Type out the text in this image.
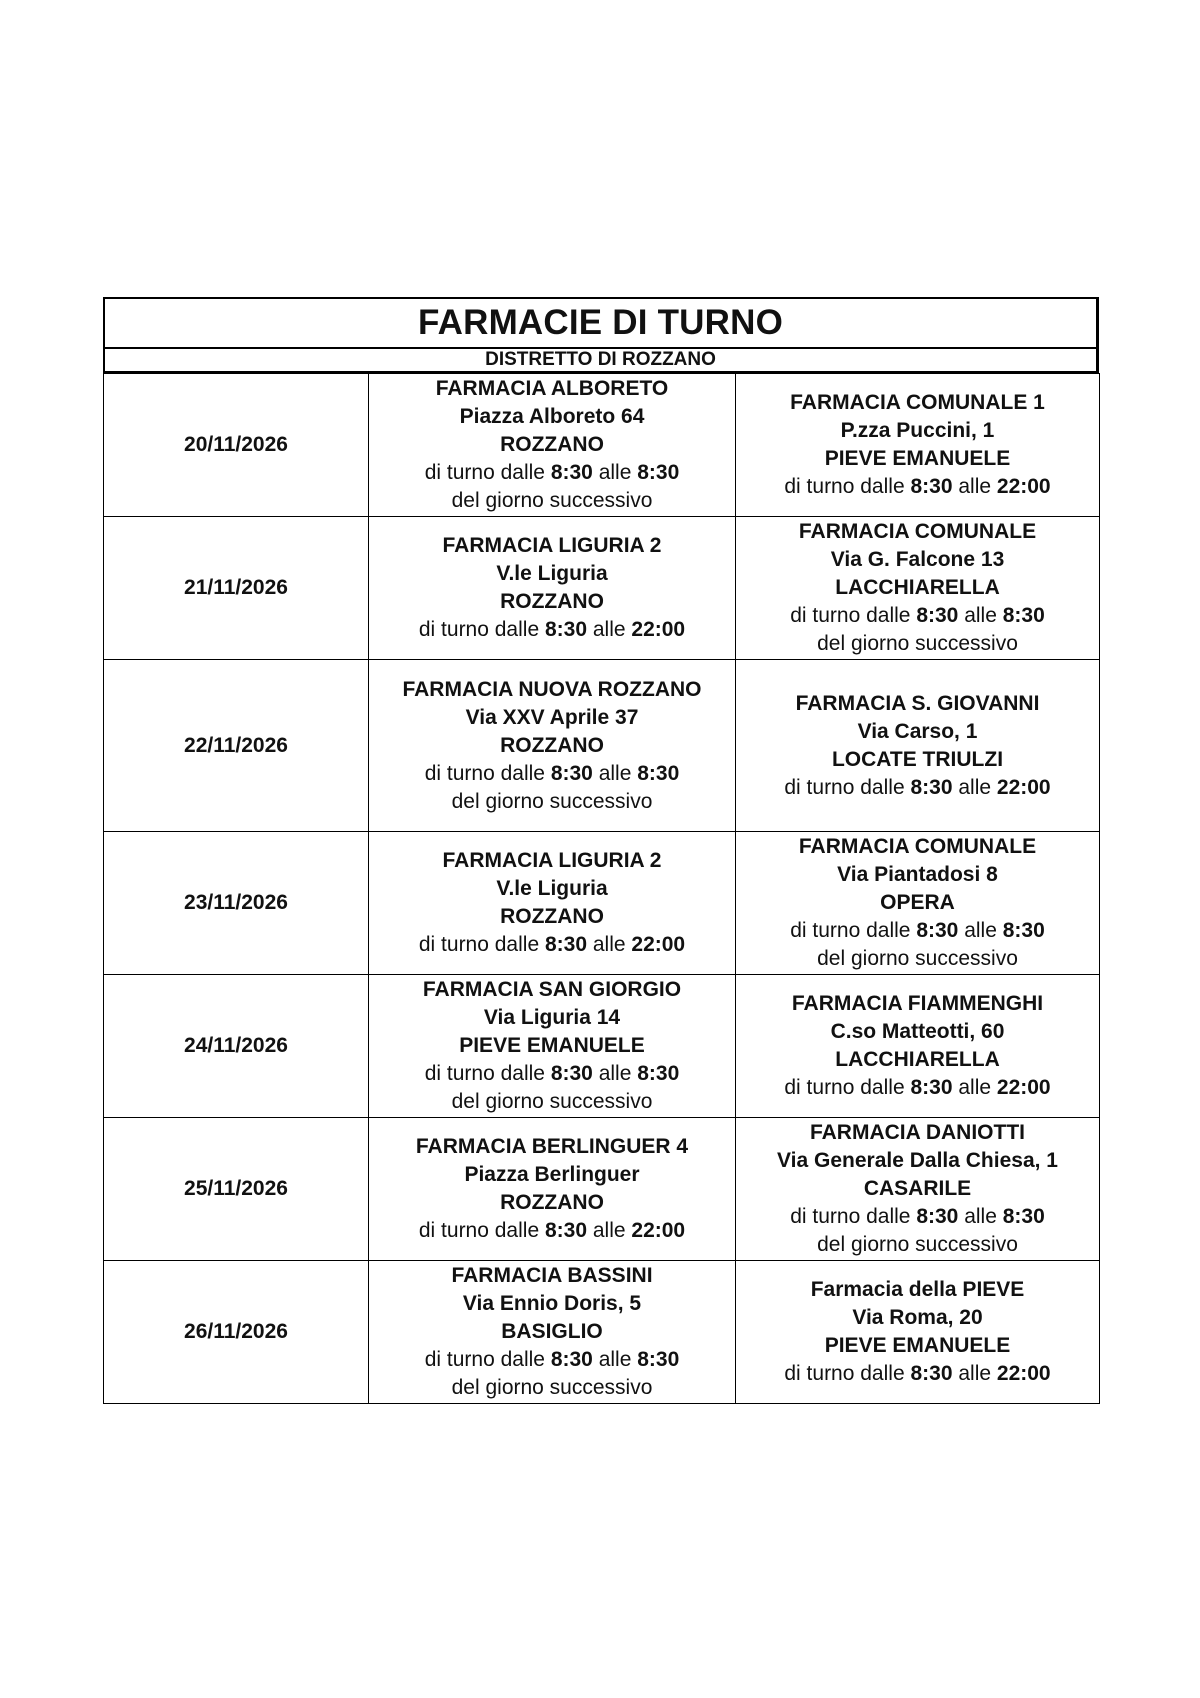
FARMACIE DI TURNO
DISTRETTO DI ROZZANO
20/11/2026	FARMACIA ALBORETO
Piazza Alboreto 64
ROZZANO
di turno dalle 8:30 alle 8:30
del giorno successivo	FARMACIA COMUNALE 1
P.zza Puccini, 1
PIEVE EMANUELE
di turno dalle 8:30 alle 22:00

21/11/2026	FARMACIA LIGURIA 2
V.le Liguria
ROZZANO
di turno dalle 8:30 alle 22:00	FARMACIA COMUNALE
Via G. Falcone 13
LACCHIARELLA
di turno dalle 8:30 alle 8:30
del giorno successivo

22/11/2026	FARMACIA NUOVA ROZZANO
Via XXV Aprile 37
ROZZANO
di turno dalle 8:30 alle 8:30
del giorno successivo	FARMACIA S. GIOVANNI
Via Carso, 1
LOCATE TRIULZI
di turno dalle 8:30 alle 22:00

23/11/2026	FARMACIA LIGURIA 2
V.le Liguria
ROZZANO
di turno dalle 8:30 alle 22:00	FARMACIA COMUNALE
Via Piantadosi 8
OPERA
di turno dalle 8:30 alle 8:30
del giorno successivo

24/11/2026	FARMACIA SAN GIORGIO
Via Liguria 14
PIEVE EMANUELE
di turno dalle 8:30 alle 8:30
del giorno successivo	FARMACIA FIAMMENGHI
C.so Matteotti, 60
LACCHIARELLA
di turno dalle 8:30 alle 22:00

25/11/2026	FARMACIA BERLINGUER 4
Piazza Berlinguer
ROZZANO
di turno dalle 8:30 alle 22:00	FARMACIA DANIOTTI
Via Generale Dalla Chiesa, 1
CASARILE
di turno dalle 8:30 alle 8:30
del giorno successivo

26/11/2026	FARMACIA BASSINI
Via Ennio Doris, 5
BASIGLIO
di turno dalle 8:30 alle 8:30
del giorno successivo	Farmacia della PIEVE
Via Roma, 20
PIEVE EMANUELE
di turno dalle 8:30 alle 22:00
